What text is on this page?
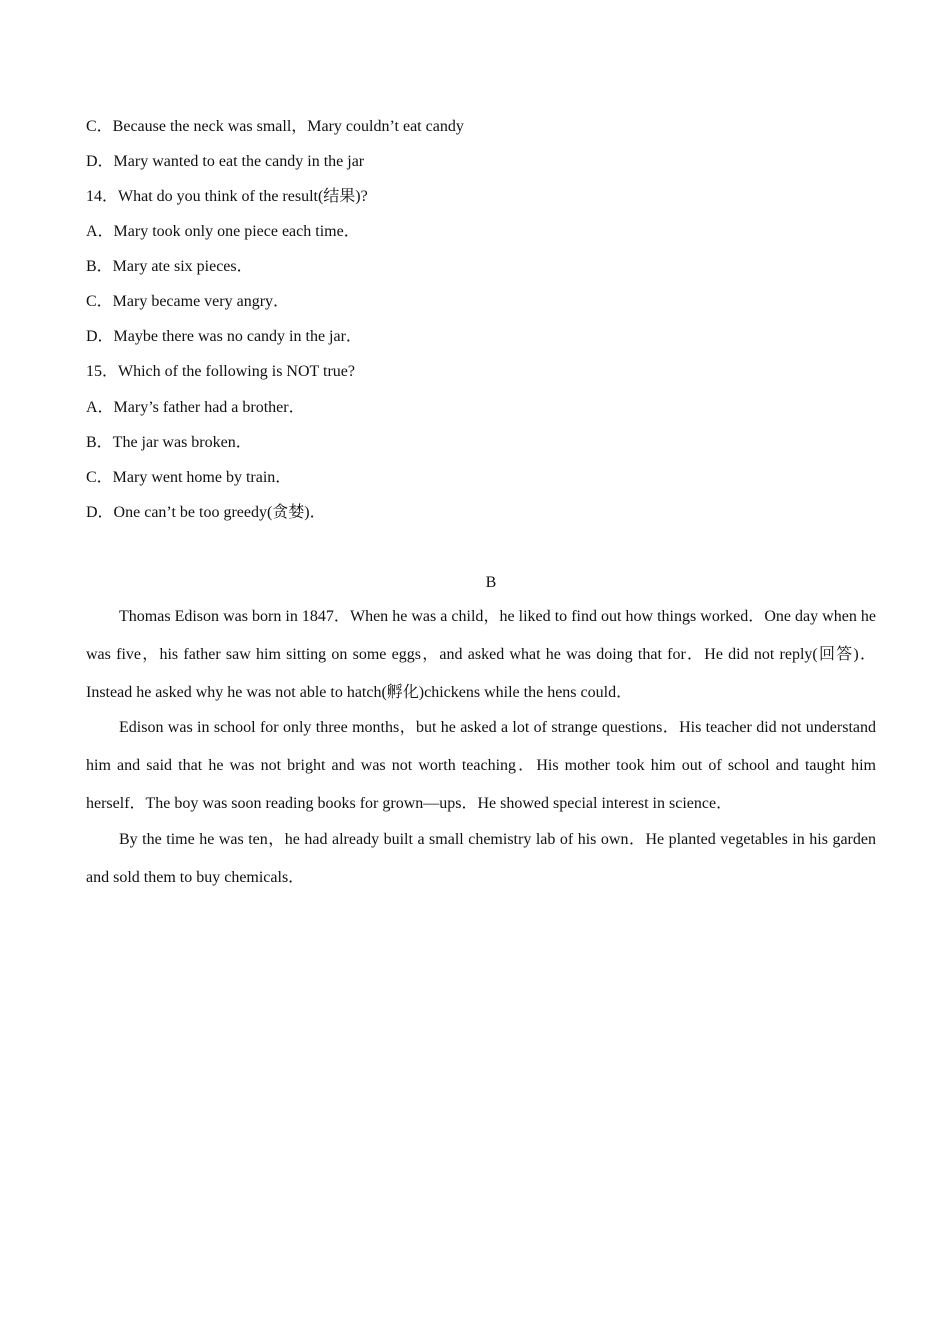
C．Because the neck was small，Mary couldn’t eat candy
D．Mary wanted to eat the candy in the jar
14．What do you think of the result(结果)?
A．Mary took only one piece each time．
B．Mary ate six pieces．
C．Mary became very angry．
D．Maybe there was no candy in the jar．
15．Which of the following is NOT true?
A．Mary’s father had a brother．
B．The jar was broken．
C．Mary went home by train．
D．One can’t be too greedy(贪婪)．
B
Thomas Edison was born in 1847．When he was a child，he liked to find out how things worked．One day when he was five，his father saw him sitting on some eggs，and asked what he was doing that for．He did not reply(回答)．Instead he asked why he was not able to hatch(孵化)chickens while the hens could．
Edison was in school for only three months，but he asked a lot of strange questions．His teacher did not understand him and said that he was not bright and was not worth teaching．His mother took him out of school and taught him herself．The boy was soon reading books for grown—ups．He showed special interest in science．
By the time he was ten，he had already built a small chemistry lab of his own．He planted vegetables in his garden and sold them to buy chemicals．
